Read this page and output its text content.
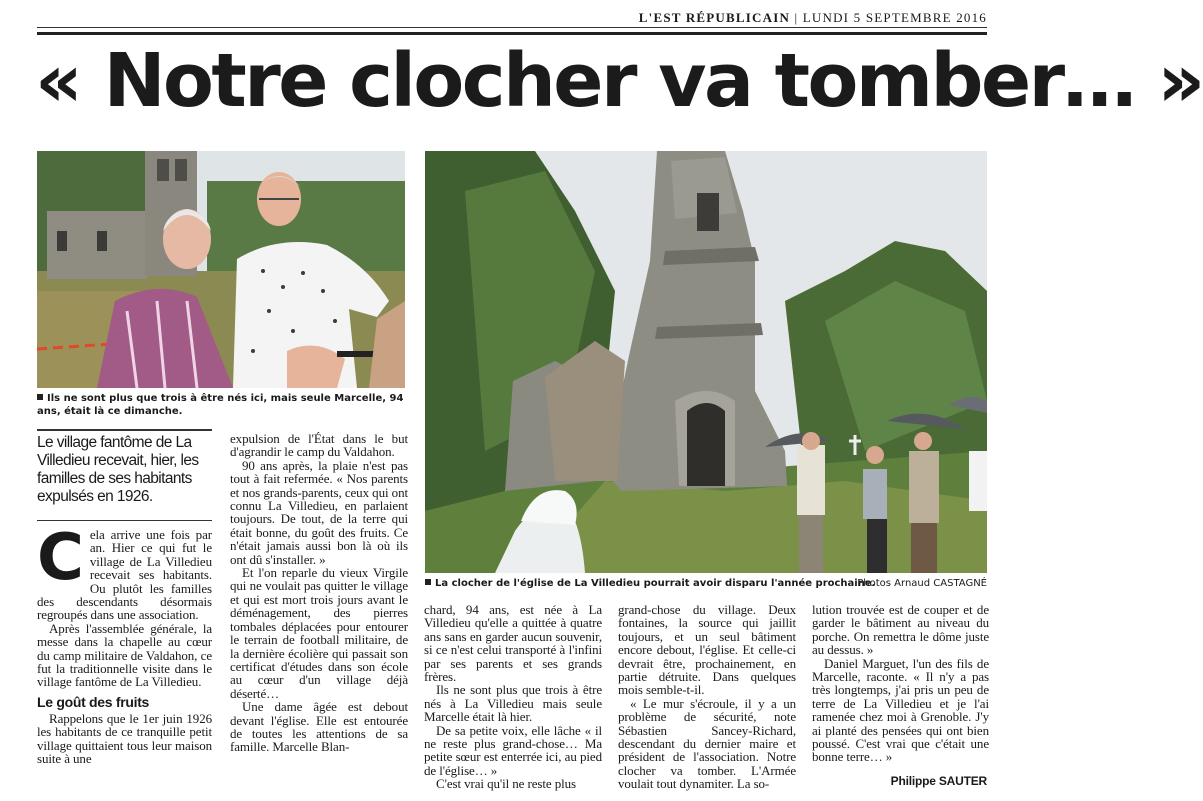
L'EST RÉPUBLICAIN | LUNDI 5 SEPTEMBRE 2016
« Notre clocher va tomber… »
Ils ne sont plus que trois à être nés ici, mais seule Marcelle, 94 ans, était là ce dimanche.
La clocher de l'église de La Villedieu pourrait avoir disparu l'année prochaine.
Photos Arnaud CASTAGNÉ
Le village fantôme de La Villedieu recevait, hier, les familles de ses habitants expulsés en 1926.

Cela arrive une fois par an. Hier ce qui fut le village de La Villedieu recevait ses habitants. Ou plutôt les familles des descendants désormais regroupés dans une association.

Après l'assemblée générale, la messe dans la chapelle au cœur du camp militaire de Valdahon, ce fut la traditionnelle visite dans le village fantôme de La Villedieu.

Le goût des fruits

Rappelons que le 1er juin 1926 les habitants de ce tranquille petit village quittaient tous leur maison suite à une

expulsion de l'État dans le but d'agrandir le camp du Valdahon.

90 ans après, la plaie n'est pas tout à fait refermée. « Nos parents et nos grands-parents, ceux qui ont connu La Villedieu, en parlaient toujours. De tout, de la terre qui était bonne, du goût des fruits. Ce n'était jamais aussi bon là où ils ont dû s'installer. »

Et l'on reparle du vieux Virgile qui ne voulait pas quitter le village et qui est mort trois jours avant le déménagement, des pierres tombales déplacées pour entourer le terrain de football militaire, de la dernière écolière qui passait son certificat d'études dans son école au cœur d'un village déjà déserté…

Une dame âgée est debout devant l'église. Elle est entourée de toutes les attentions de sa famille. Marcelle Blan-

chard, 94 ans, est née à La Villedieu qu'elle a quittée à quatre ans sans en garder aucun souvenir, si ce n'est celui transporté à l'infini par ses parents et ses grands frères.

Ils ne sont plus que trois à être nés à La Villedieu mais seule Marcelle était là hier.

De sa petite voix, elle lâche « il ne reste plus grand-chose… Ma petite sœur est enterrée ici, au pied de l'église… »

C'est vrai qu'il ne reste plus

grand-chose du village. Deux fontaines, la source qui jaillit toujours, et un seul bâtiment encore debout, l'église. Et celle-ci devrait être, prochainement, en partie détruite. Dans quelques mois semble-t-il.

« Le mur s'écroule, il y a un problème de sécurité, note Sébastien Sancey-Richard, descendant du dernier maire et président de l'association. Notre clocher va tomber. L'Armée voulait tout dynamiter. La so-

lution trouvée est de couper et de garder le bâtiment au niveau du porche. On remettra le dôme juste au dessus. »

Daniel Marguet, l'un des fils de Marcelle, raconte. « Il n'y a pas très longtemps, j'ai pris un peu de terre de La Villedieu et je l'ai ramenée chez moi à Grenoble. J'y ai planté des pensées qui ont bien poussé. C'est vrai que c'était une bonne terre… »

Philippe SAUTER
